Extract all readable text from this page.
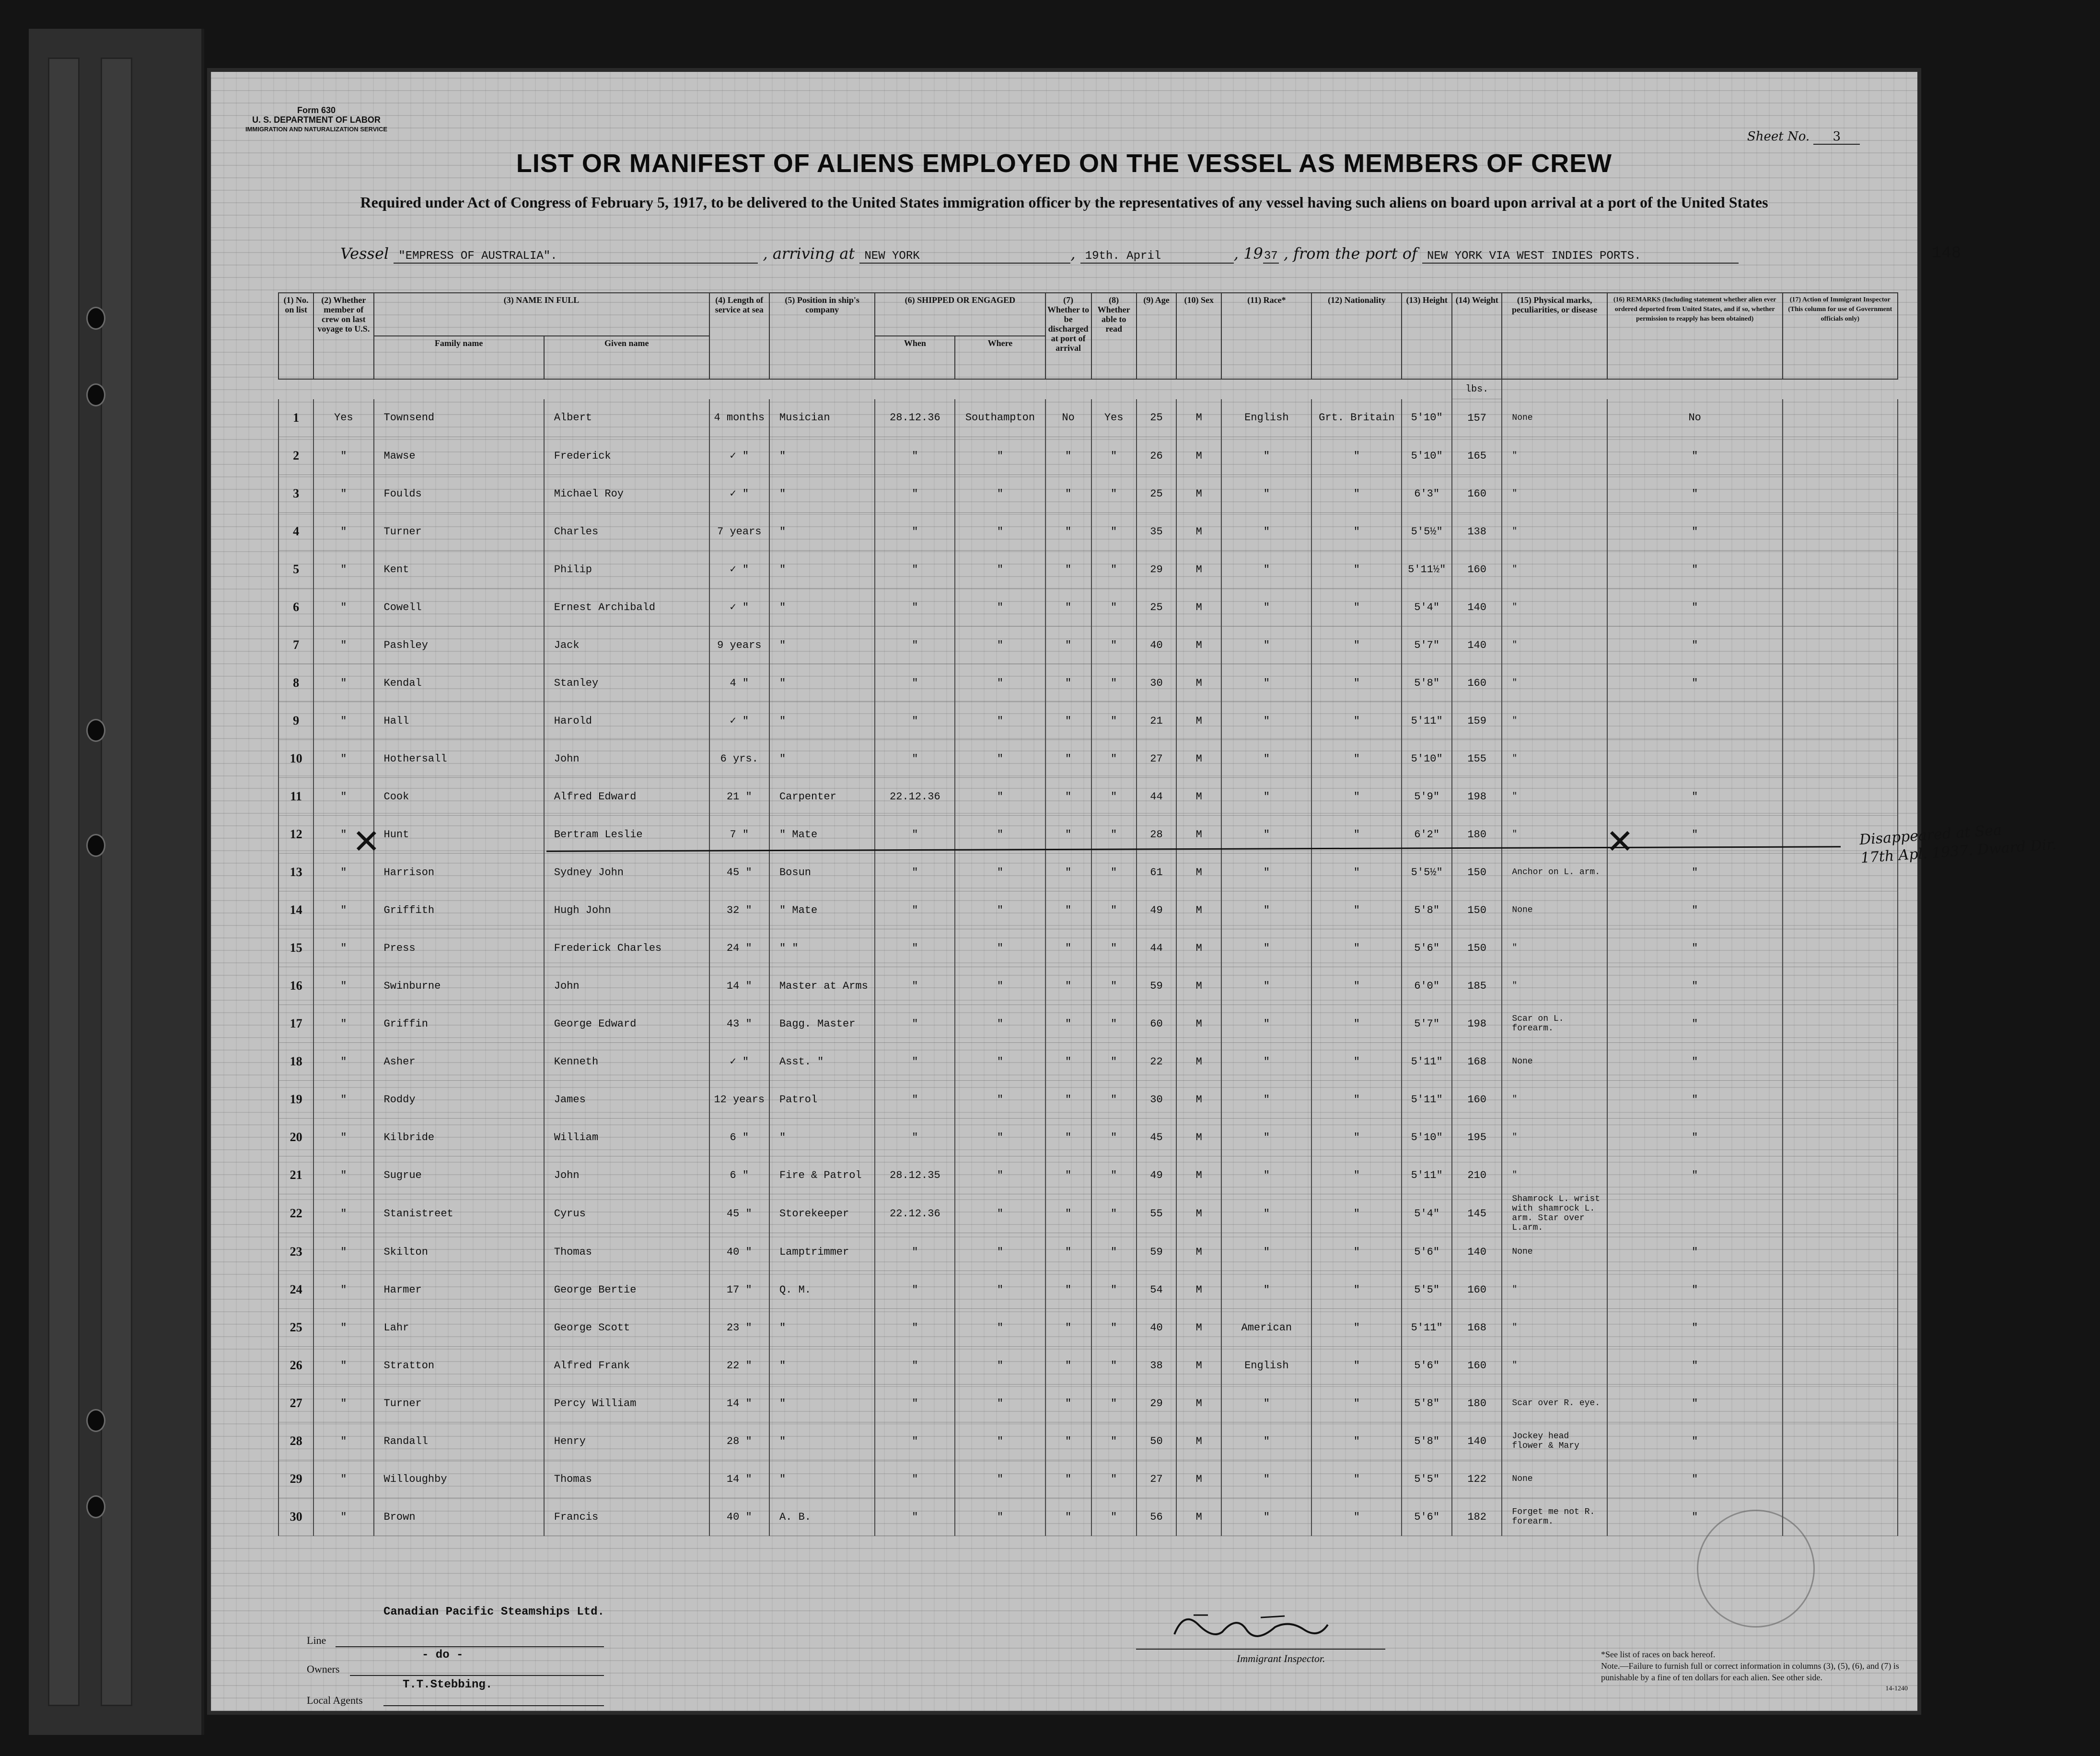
Form 630
U. S. DEPARTMENT OF LABOR
IMMIGRATION AND NATURALIZATION SERVICE
Sheet No. 3
LIST OR MANIFEST OF ALIENS EMPLOYED ON THE VESSEL AS MEMBERS OF CREW
Required under Act of Congress of February 5, 1917, to be delivered to the United States immigration officer by the representatives of any vessel having such aliens on board upon arrival at a port of the United States
Vessel "EMPRESS OF AUSTRALIA".	, arriving at NEW YORK	, 19th. April	, 1937 , from the port of NEW YORK VIA WEST INDIES PORTS.	148
(1) No. on list	(2) Whether member of crew on last voyage to U.S.	(3) NAME IN FULL		(4) Length of service at sea	(5) Position in ship's company	(6) SHIPPED OR ENGAGED		(7) Whether to be discharged at port of arrival	(8) Whether able to read	(9) Age	(10) Sex	(11) Race*	(12) Nationality	(13) Height	(14) Weight	(15) Physical marks, peculiarities, or disease	(16) REMARKS (Including statement whether alien ever ordered deported from United States, and if so, whether permission to reapply has been obtained)	(17) Action of Immigrant Inspector (This column for use of Government officials only)
		Family name	Given name			When	Where											
															lbs.			
1	Yes	Townsend	Albert	4 months	Musician	28.12.36	Southampton	No	Yes	25	M	English	Grt. Britain	5'10"	157	None	No	
2	"	Mawse	Frederick	✓ "	"	"	"	"	"	26	M	"	"	5'10"	165	"	"	
3	"	Foulds	Michael Roy	✓ "	"	"	"	"	"	25	M	"	"	6'3"	160	"	"	
4	"	Turner	Charles	7 years	"	"	"	"	"	35	M	"	"	5'5½"	138	"	"	
5	"	Kent	Philip	✓ "	"	"	"	"	"	29	M	"	"	5'11½"	160	"	"	
6	"	Cowell	Ernest Archibald	✓ "	"	"	"	"	"	25	M	"	"	5'4"	140	"	"	
7	"	Pashley	Jack	9 years	"	"	"	"	"	40	M	"	"	5'7"	140	"	"	
8	"	Kendal	Stanley	4 "	"	"	"	"	"	30	M	"	"	5'8"	160	"	"	
9	"	Hall	Harold	✓ "	"	"	"	"	"	21	M	"	"	5'11"	159	"		
10	"	Hothersall	John	6 yrs.	"	"	"	"	"	27	M	"	"	5'10"	155	"		
11	"	Cook	Alfred Edward	21 "	Carpenter	22.12.36	"	"	"	44	M	"	"	5'9"	198	"	"	
12	"	Hunt	Bertram Leslie	7 "	" Mate	"	"	"	"	28	M	"	"	6'2"	180	"	"	
13	"	Harrison	Sydney John	45 "	Bosun	"	"	"	"	61	M	"	"	5'5½"	150	Anchor on L. arm.	"	
14	"	Griffith	Hugh John	32 "	" Mate	"	"	"	"	49	M	"	"	5'8"	150	None	"	
15	"	Press	Frederick Charles	24 "	" "	"	"	"	"	44	M	"	"	5'6"	150	"	"	
16	"	Swinburne	John	14 "	Master at Arms	"	"	"	"	59	M	"	"	6'0"	185	"	"	
17	"	Griffin	George Edward	43 "	Bagg. Master	"	"	"	"	60	M	"	"	5'7"	198	Scar on L. forearm.	"	
18	"	Asher	Kenneth	✓ "	Asst. "	"	"	"	"	22	M	"	"	5'11"	168	None	"	
19	"	Roddy	James	12 years	Patrol	"	"	"	"	30	M	"	"	5'11"	160	"	"	
20	"	Kilbride	William	6 "	"	"	"	"	"	45	M	"	"	5'10"	195	"	"	
21	"	Sugrue	John	6 "	Fire & Patrol	28.12.35	"	"	"	49	M	"	"	5'11"	210	"	"	
22	"	Stanistreet	Cyrus	45 "	Storekeeper	22.12.36	"	"	"	55	M	"	"	5'4"	145	Shamrock L. wrist with shamrock L. arm. Star over L.arm.		
23	"	Skilton	Thomas	40 "	Lamptrimmer	"	"	"	"	59	M	"	"	5'6"	140	None	"	
24	"	Harmer	George Bertie	17 "	Q. M.	"	"	"	"	54	M	"	"	5'5"	160	"	"	
25	"	Lahr	George Scott	23 "	"	"	"	"	"	40	M	American	"	5'11"	168	"	"	
26	"	Stratton	Alfred Frank	22 "	"	"	"	"	"	38	M	English	"	5'6"	160	"	"	
27	"	Turner	Percy William	14 "	"	"	"	"	"	29	M	"	"	5'8"	180	Scar over R. eye.	"	
28	"	Randall	Henry	28 "	"	"	"	"	"	50	M	"	"	5'8"	140	Jockey head flower & Mary	"	
29	"	Willoughby	Thomas	14 "	"	"	"	"	"	27	M	"	"	5'5"	122	None	"	
30	"	Brown	Francis	40 "	A. B.	"	"	"	"	56	M	"	"	5'6"	182	Forget me not R. forearm.	"	
✕	✕	Disappeared at Sea
17th Apl. 1937. Dward Dir.
Canadian Pacific Steamships Ltd.
Line
- do -
Owners
T.T.Stebbing.
Local Agents
Immigrant Inspector.	*See list of races on back hereof.
Note.—Failure to furnish full or correct information in columns (3), (5), (6), and (7) is punishable by a fine of ten dollars for each alien. See other side.
14-1240
